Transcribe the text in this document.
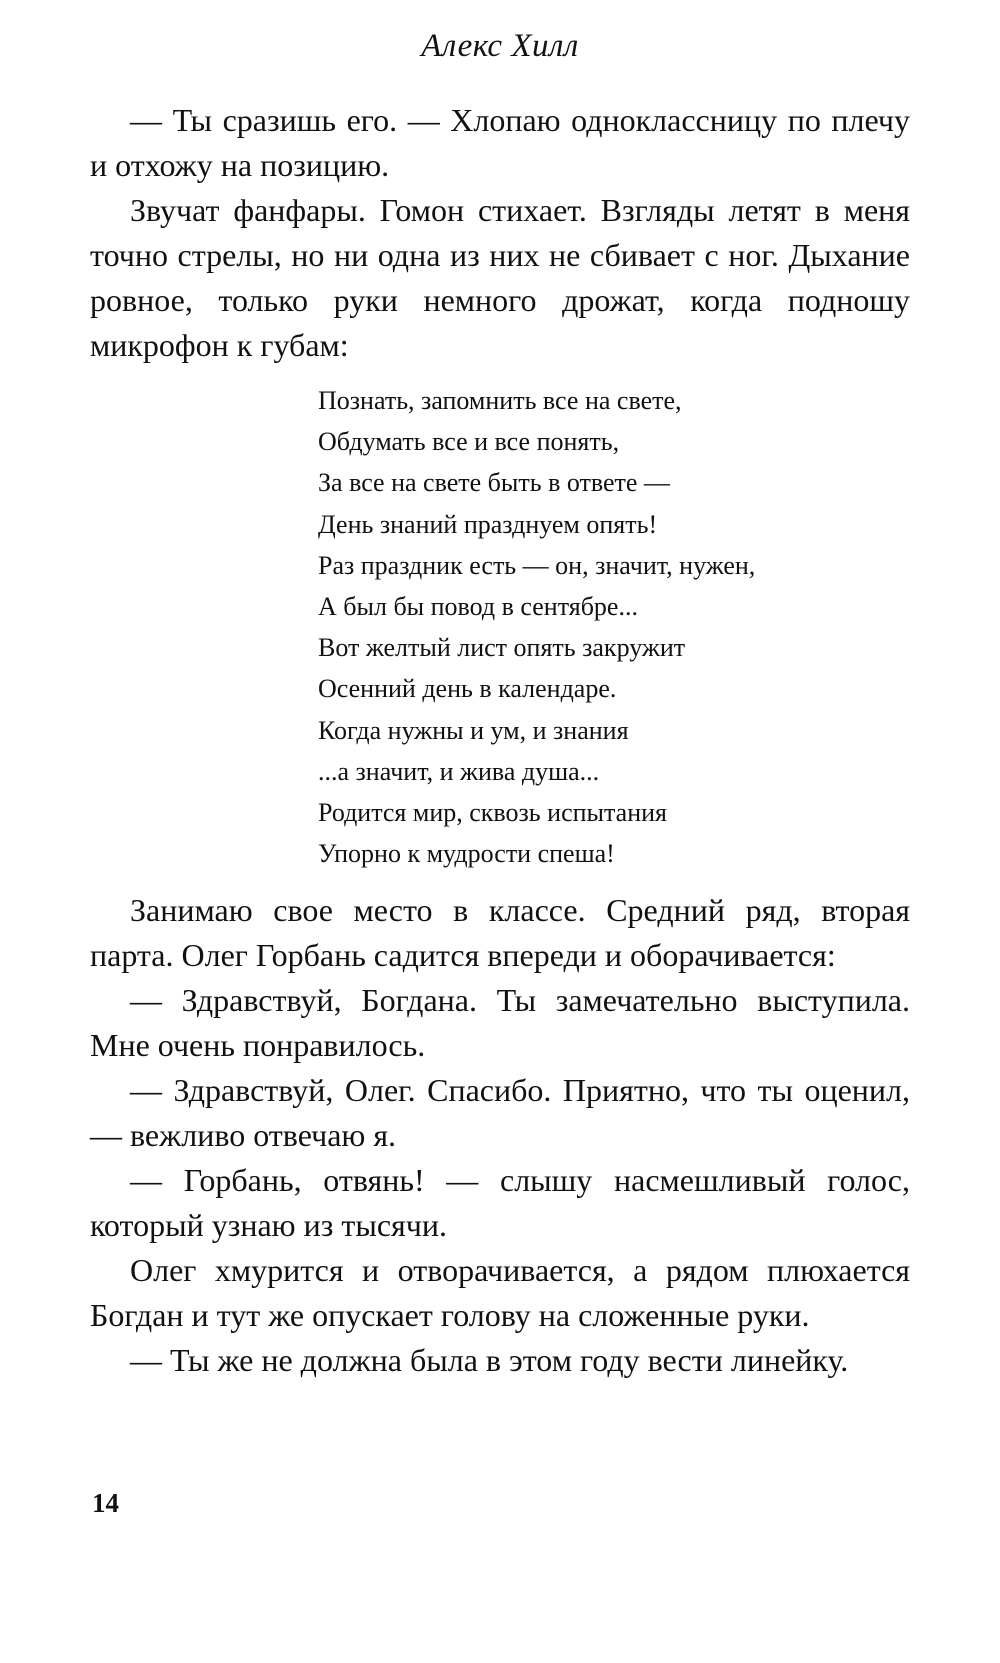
Алекс Хилл

— Ты сразишь его. — Хлопаю одноклассницу по плечу и отхожу на позицию.

Звучат фанфары. Гомон стихает. Взгляды летят в меня точно стрелы, но ни одна из них не сбивает с ног. Дыхание ровное, только руки немного дрожат, когда подношу микрофон к губам:

Познать, запомнить все на свете,
Обдумать все и все понять,
За все на свете быть в ответе —
День знаний празднуем опять!
Раз праздник есть — он, значит, нужен,
А был бы повод в сентябре...
Вот желтый лист опять закружит
Осенний день в календаре.
Когда нужны и ум, и знания
...а значит, и жива душа...
Родится мир, сквозь испытания
Упорно к мудрости спеша!

Занимаю свое место в классе. Средний ряд, вторая парта. Олег Горбань садится впереди и оборачивается:

— Здравствуй, Богдана. Ты замечательно выступила. Мне очень понравилось.

— Здравствуй, Олег. Спасибо. Приятно, что ты оценил, — вежливо отвечаю я.

— Горбань, отвянь! — слышу насмешливый голос, который узнаю из тысячи.

Олег хмурится и отворачивается, а рядом плюхается Богдан и тут же опускает голову на сложенные руки.

— Ты же не должна была в этом году вести линейку.

14
